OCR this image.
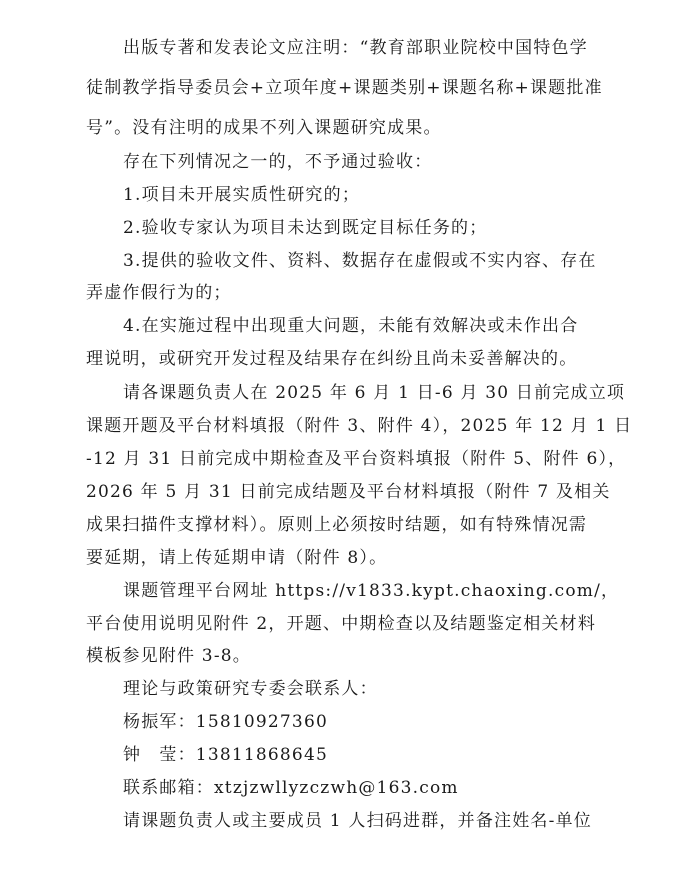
出版专著和发表论文应注明：“教育部职业院校中国特色学
徒制教学指导委员会+立项年度+课题类别+课题名称+课题批准
号”。没有注明的成果不列入课题研究成果。
存在下列情况之一的，不予通过验收：
1.项目未开展实质性研究的；
2.验收专家认为项目未达到既定目标任务的；
3.提供的验收文件、资料、数据存在虚假或不实内容、存在
弄虚作假行为的；
4.在实施过程中出现重大问题，未能有效解决或未作出合
理说明，或研究开发过程及结果存在纠纷且尚未妥善解决的。
请各课题负责人在 2025 年 6 月 1 日-6 月 30 日前完成立项
课题开题及平台材料填报（附件 3、附件 4），2025 年 12 月 1 日
-12 月 31 日前完成中期检查及平台资料填报（附件 5、附件 6），
2026 年 5 月 31 日前完成结题及平台材料填报（附件 7 及相关
成果扫描件支撑材料）。原则上必须按时结题，如有特殊情况需
要延期，请上传延期申请（附件 8）。
课题管理平台网址 https://v1833.kypt.chaoxing.com/，
平台使用说明见附件 2，开题、中期检查以及结题鉴定相关材料
模板参见附件 3-8。
理论与政策研究专委会联系人：
杨振军：15810927360
钟　莹：13811868645
联系邮箱：xtzjzwllyzczwh@163.com
请课题负责人或主要成员 1 人扫码进群，并备注姓名-单位
